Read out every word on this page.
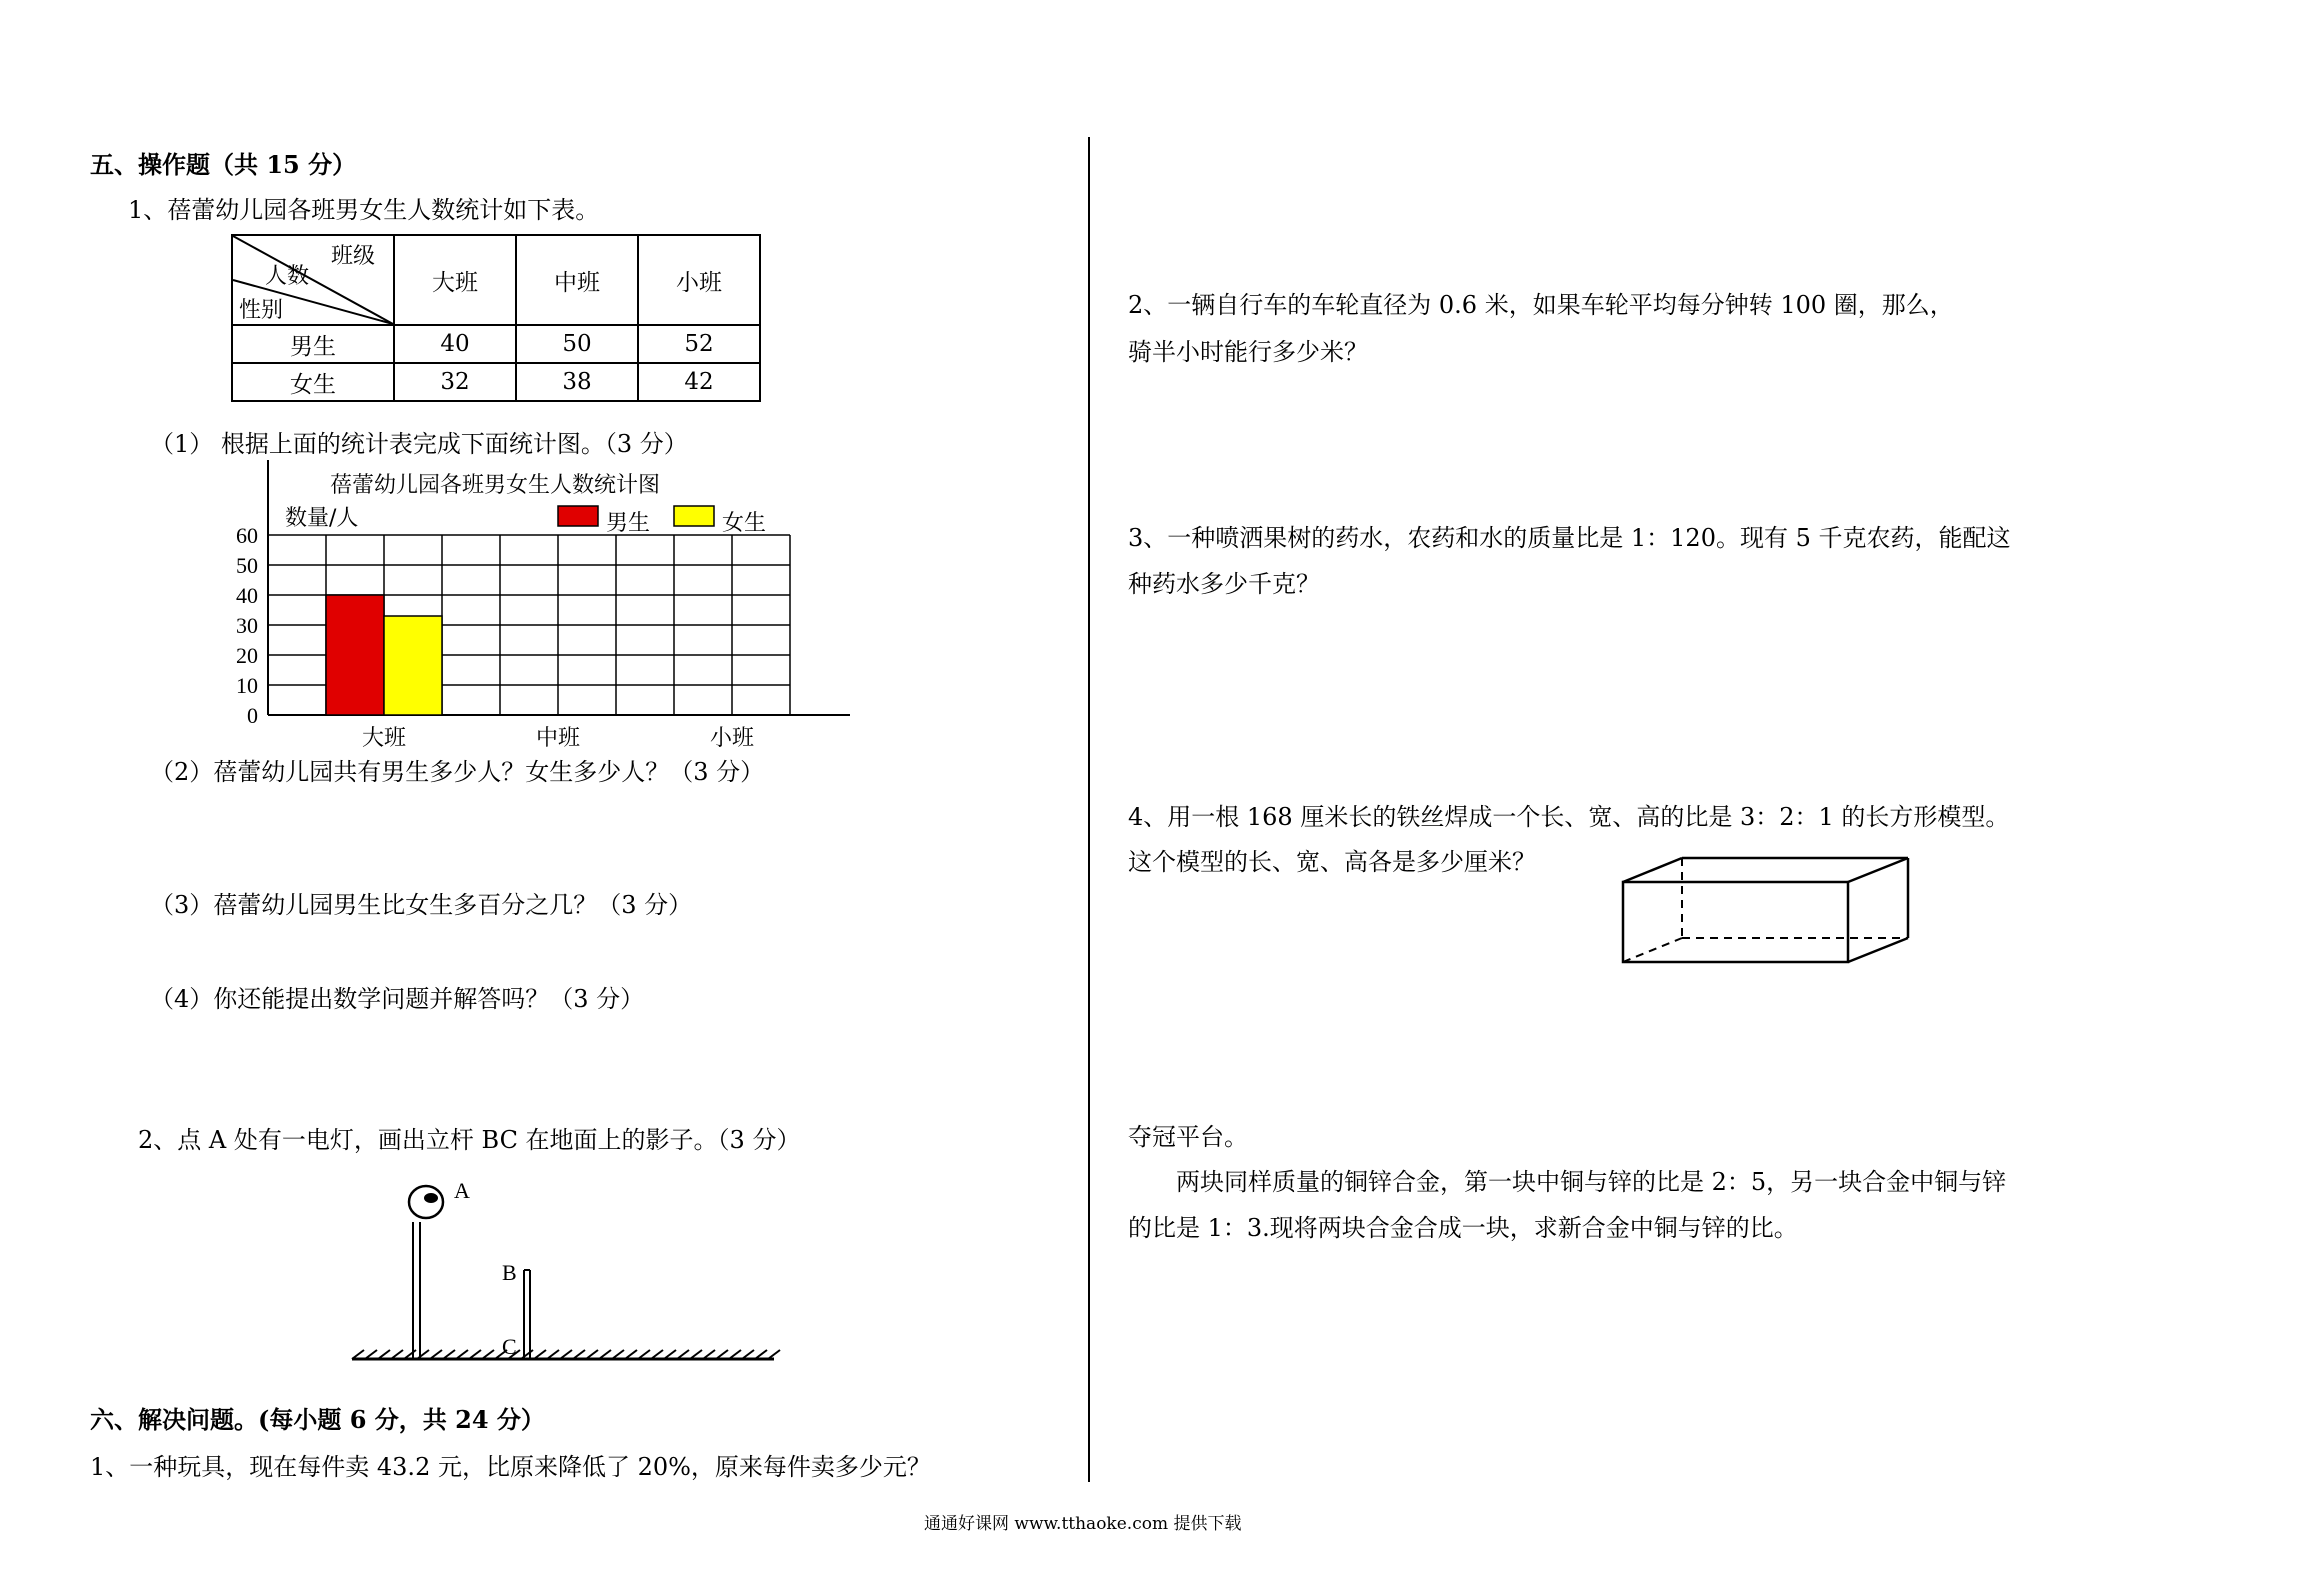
五、操作题（共 15 分）
1、蓓蕾幼儿园各班男女生人数统计如下表。
班级
人数
性别	大班	中班	小班
男生	40	50	52
女生	32	38	42
（1） 根据上面的统计表完成下面统计图。（3 分）
蓓蕾幼儿园各班男女生人数统计图
数量/人
0
10
20
30
40
50
60
大班	中班	小班
男生	女生
（2）蓓蕾幼儿园共有男生多少人？女生多少人？（3 分）
（3）蓓蕾幼儿园男生比女生多百分之几？（3 分）
（4）你还能提出数学问题并解答吗？（3 分）
2、点 A 处有一电灯，画出立杆 BC 在地面上的影子。（3 分）
A
B
C
六、解决问题。(每小题 6 分，共 24 分）
1、一种玩具，现在每件卖 43.2 元，比原来降低了 20%，原来每件卖多少元？
2、一辆自行车的车轮直径为 0.6 米，如果车轮平均每分钟转 100 圈，那么，
骑半小时能行多少米？
3、一种喷洒果树的药水，农药和水的质量比是 1：120。现有 5 千克农药，能配这
种药水多少千克？
4、用一根 168 厘米长的铁丝焊成一个长、宽、高的比是 3：2：1 的长方形模型。
这个模型的长、宽、高各是多少厘米？
夺冠平台。
两块同样质量的铜锌合金，第一块中铜与锌的比是 2：5，另一块合金中铜与锌
的比是 1：3.现将两块合金合成一块，求新合金中铜与锌的比。
通通好课网 www.tthaoke.com 提供下载
